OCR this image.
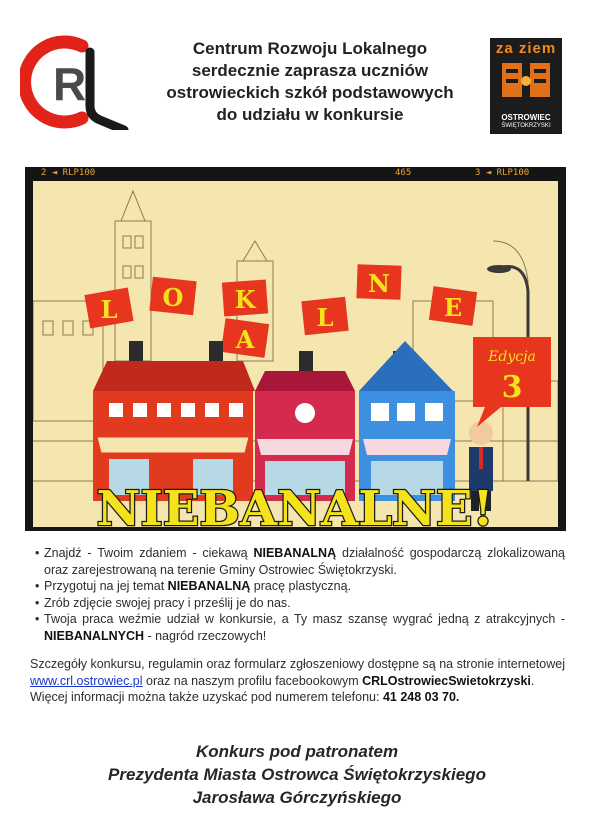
R
Centrum Rozwoju Lokalnego
serdecznie zaprasza uczniów
ostrowieckich szkół podstawowych
do udziału w konkursie
za ziem
OSTROWIEC
ŚWIĘTOKRZYSKI
2 ◄ RLP100	465	3 ◄ RLP100
L O K
A
L
N
E
Edycja
3
NIEBANALNE!
• Znajdź - Twoim zdaniem - ciekawą NIEBANALNĄ działalność gospodarczą zlokalizowaną oraz zarejestrowaną na terenie Gminy Ostrowiec Świętokrzyski.
• Przygotuj na jej temat NIEBANALNĄ pracę plastyczną.
• Zrób zdjęcie swojej pracy i prześlij je do nas.
• Twoja praca weźmie udział w konkursie, a Ty masz szansę wygrać jedną z atrakcyjnych - NIEBANALNYCH - nagród rzeczowych!
Szczegóły konkursu, regulamin oraz formularz zgłoszeniowy dostępne są na stronie internetowej www.crl.ostrowiec.pl oraz na naszym profilu facebookowym CRLOstrowiecSwietokrzyski.
Więcej informacji można także uzyskać pod numerem telefonu: 41 248 03 70.
Konkurs pod patronatem
Prezydenta Miasta Ostrowca Świętokrzyskiego
Jarosława Górczyńskiego
